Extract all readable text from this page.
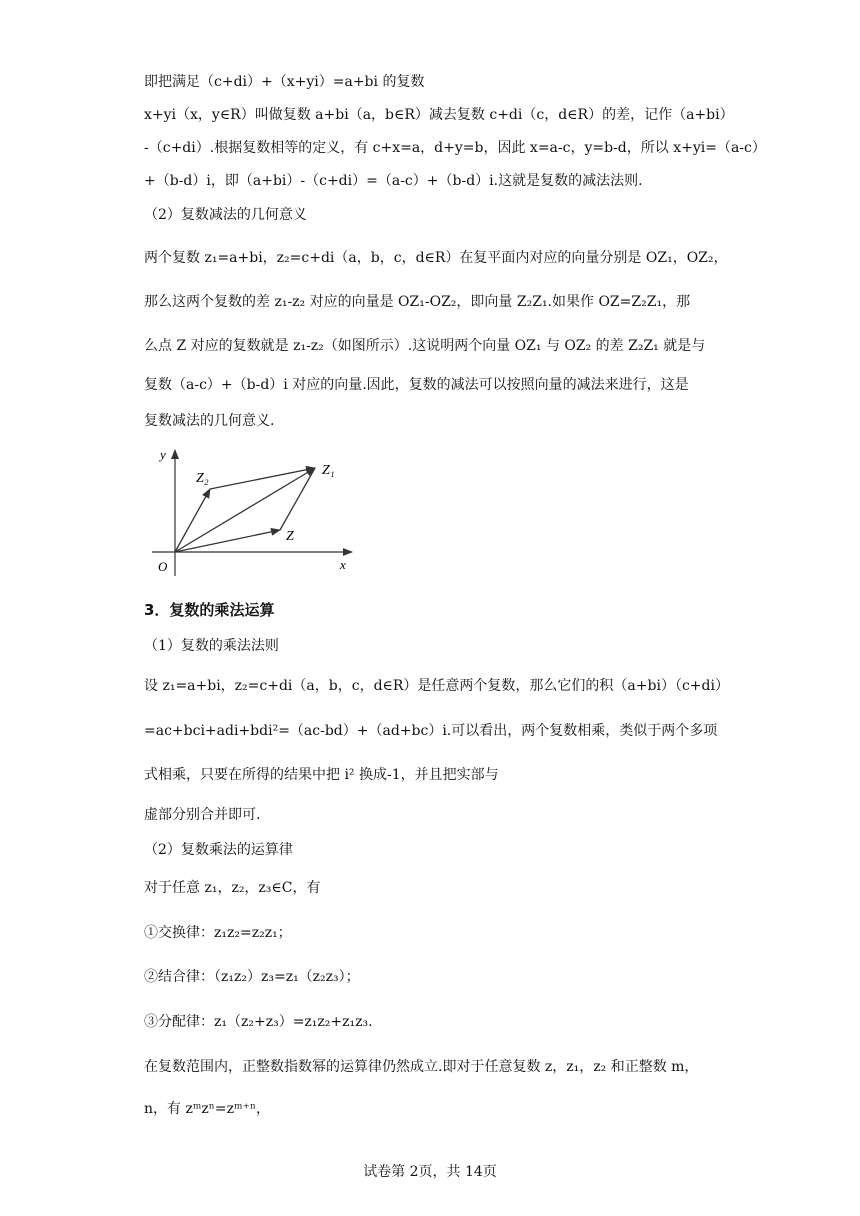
即把满足（c+di）+（x+yi）=a+bi 的复数
x+yi（x，y∈R）叫做复数 a+bi（a，b∈R）减去复数 c+di（c，d∈R）的差，记作（a+bi）
-（c+di）.根据复数相等的定义，有 c+x=a，d+y=b，因此 x=a-c，y=b-d，所以 x+yi=（a-c）
+（b-d）i，即（a+bi）-（c+di）=（a-c）+（b-d）i.这就是复数的减法法则.
（2）复数减法的几何意义
两个复数 z₁=a+bi，z₂=c+di（a，b，c，d∈R）在复平面内对应的向量分别是 OZ₁，OZ₂，
那么这两个复数的差 z₁-z₂ 对应的向量是 OZ₁-OZ₂，即向量 Z₂Z₁.如果作 OZ=Z₂Z₁，那
么点 Z 对应的复数就是 z₁-z₂（如图所示）.这说明两个向量 OZ₁ 与 OZ₂ 的差 Z₂Z₁ 就是与
复数（a-c）+（b-d）i 对应的向量.因此，复数的减法可以按照向量的减法来进行，这是
复数减法的几何意义.
y
x
O
Z₁
Z₂
Z
3．复数的乘法运算
（1）复数的乘法法则
设 z₁=a+bi，z₂=c+di（a，b，c，d∈R）是任意两个复数，那么它们的积（a+bi）（c+di）
=ac+bci+adi+bdi²=（ac-bd）+（ad+bc）i.可以看出，两个复数相乘，类似于两个多项
式相乘，只要在所得的结果中把 i² 换成-1，并且把实部与
虚部分别合并即可.
（2）复数乘法的运算律
对于任意 z₁，z₂，z₃∈C，有
①交换律：z₁z₂=z₂z₁；
②结合律：（z₁z₂）z₃=z₁（z₂z₃）；
③分配律：z₁（z₂+z₃）=z₁z₂+z₁z₃.
在复数范围内，正整数指数幂的运算律仍然成立.即对于任意复数 z，z₁，z₂ 和正整数 m，
n，有 zᵐzⁿ=zᵐ⁺ⁿ，
试卷第 2页，共 14页
